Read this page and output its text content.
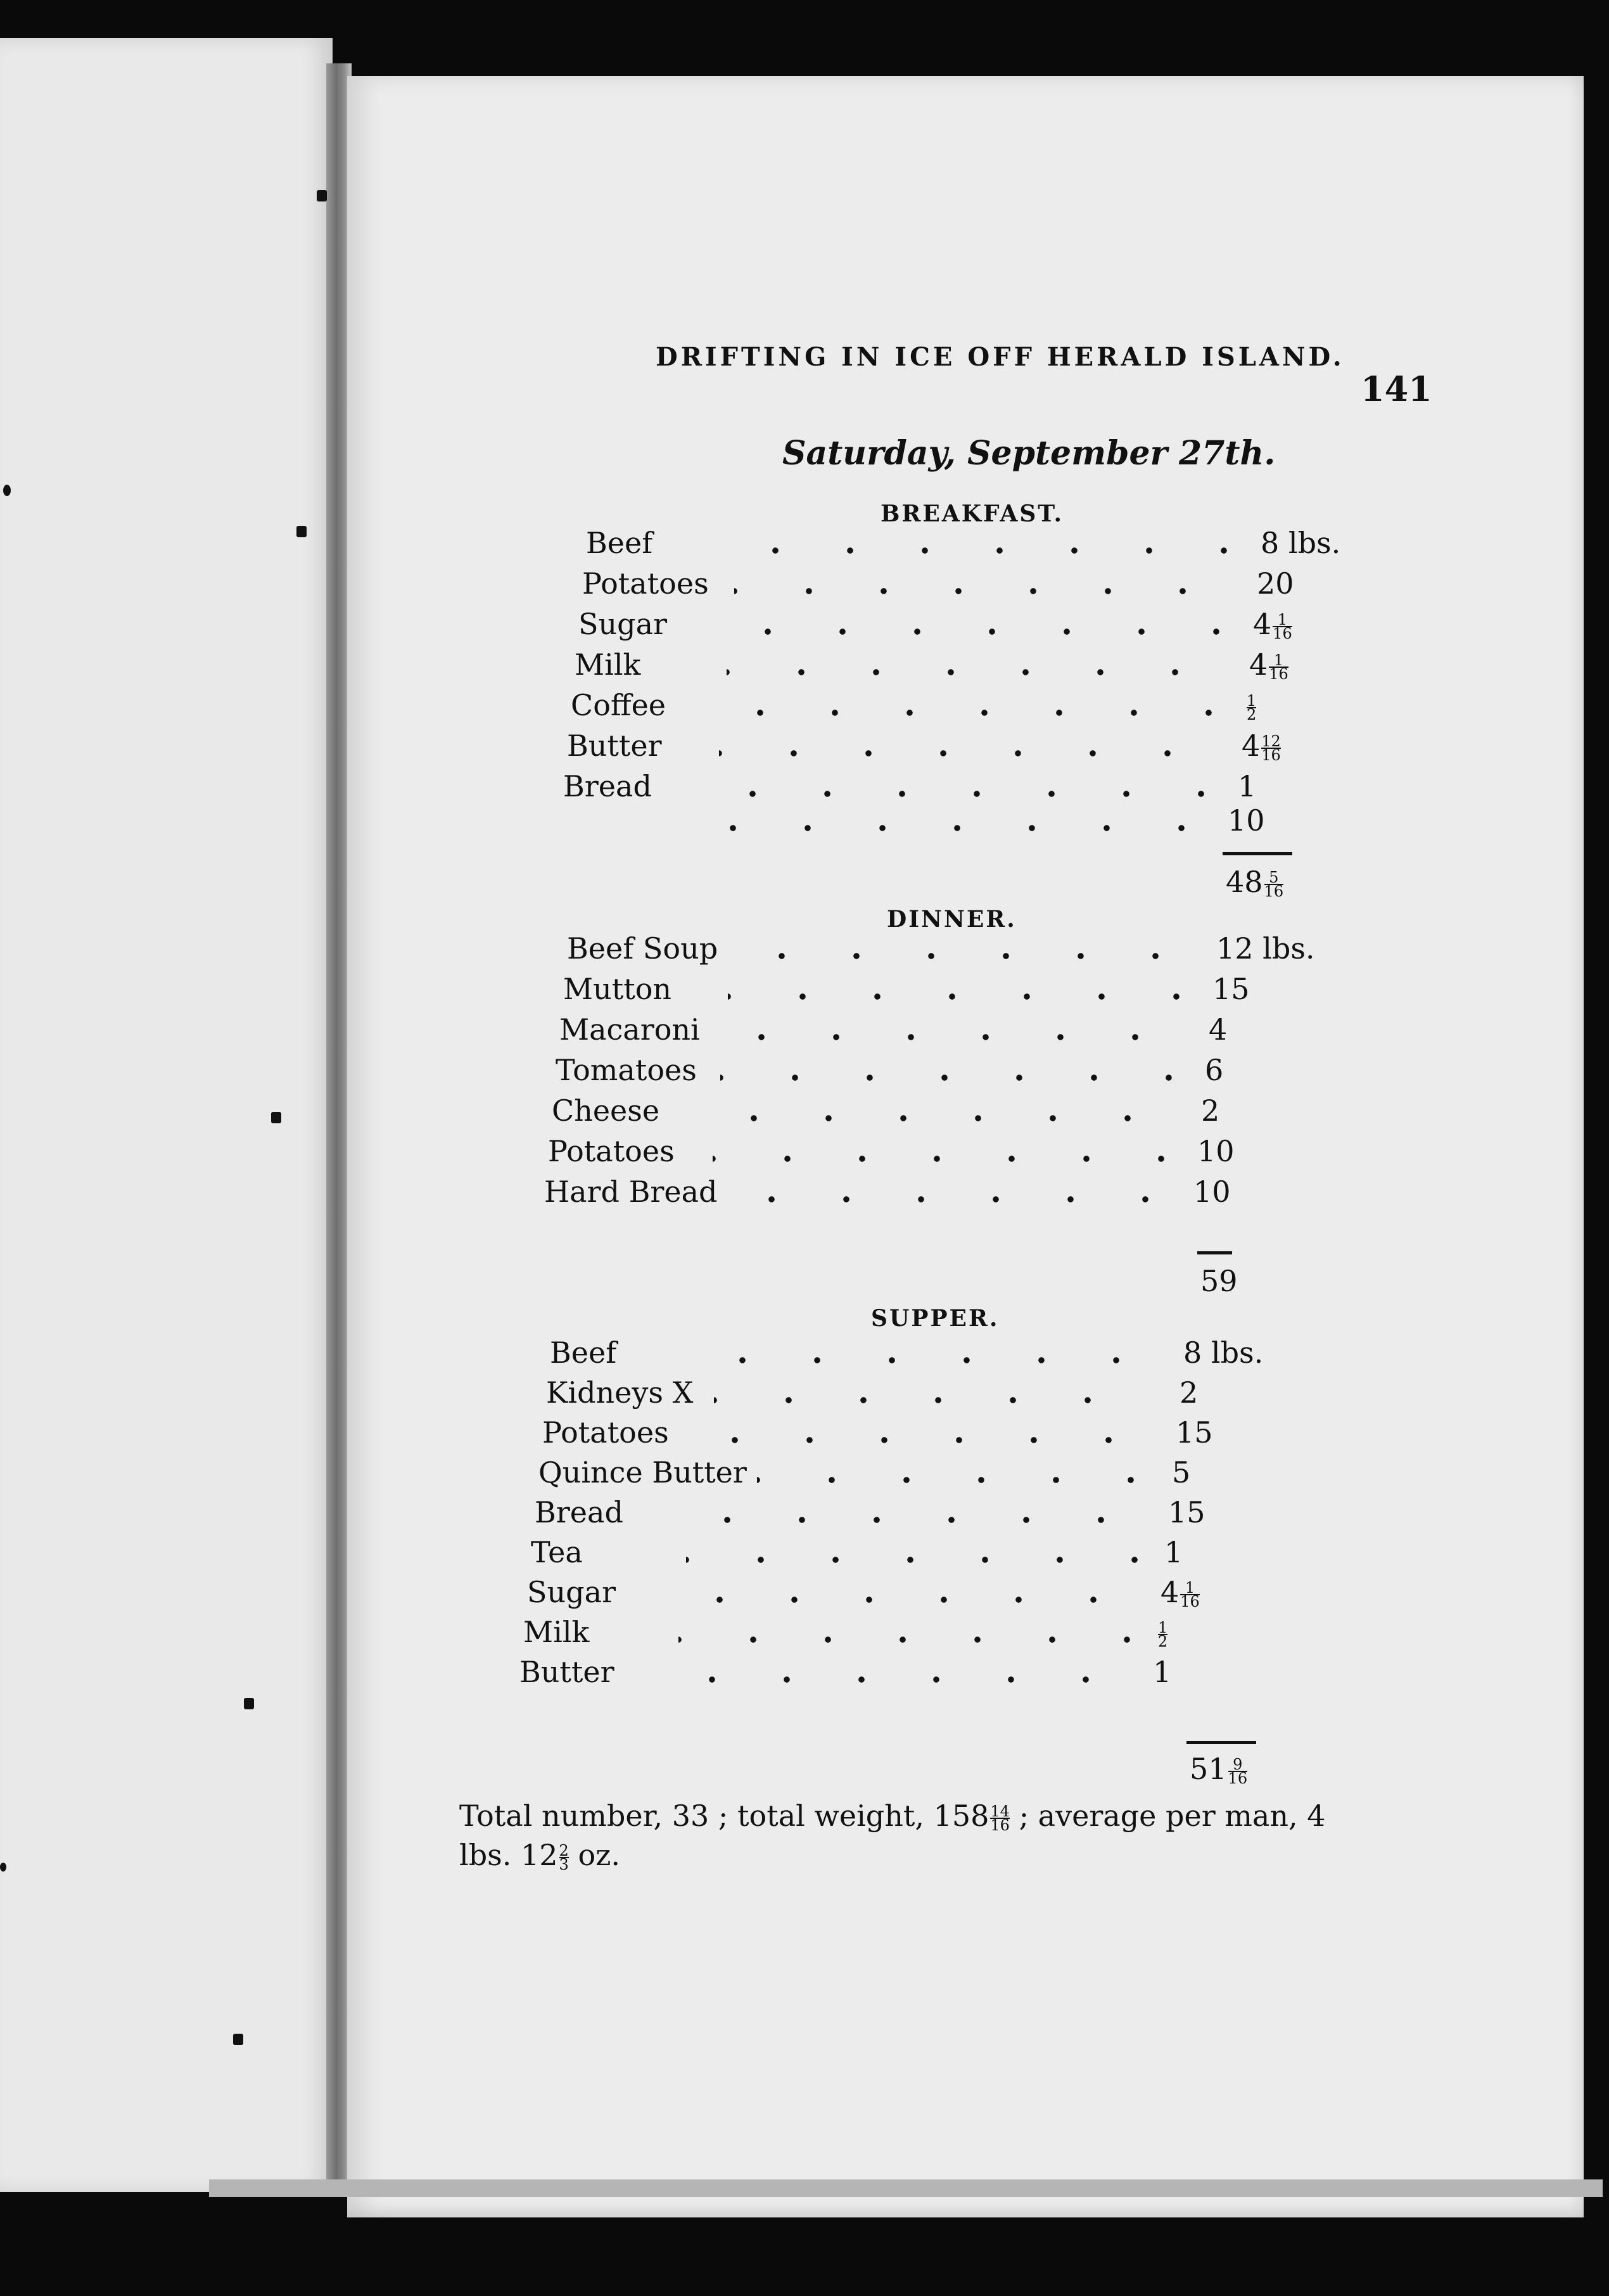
DRIFTING IN ICE OFF HERALD ISLAND.
141
Saturday, September 27th.
BREAKFAST.
Beef	8 lbs.
Potatoes	20
Sugar	$4 \frac{1}{16}$
Milk	$4 \frac{1}{16}$
Coffee	$\frac{1}{2}$
Butter	$4 \frac{12}{16}$
Bread	1
10
$48 \frac{5}{16}$
DINNER.
Beef Soup	12 lbs.
Mutton	15
Macaroni	4
Tomatoes	6
Cheese	2
Potatoes	10
Hard Bread	10
59
SUPPER.
Beef	8 lbs.
Kidneys X	2
Potatoes	15
Quince Butter	5
Bread	15
Tea	1
Sugar	$4 \frac{1}{16}$
Milk	$\frac{1}{2}$
Butter	1
$51 \frac{9}{16}$
Total number, 33 ; total weight, $158 \frac{14}{16}$ ; average per man, 4 lbs. $12 \frac{2}{3}$ oz.
